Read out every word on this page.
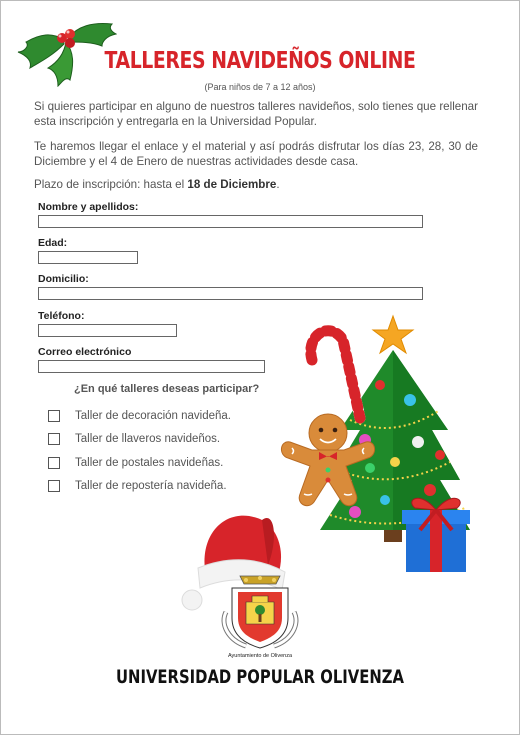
TALLERES NAVIDEÑOS ONLINE
(Para niños de 7 a 12 años)
Si quieres participar en alguno de nuestros talleres navideños, solo tienes que rellenar esta inscripción y entregarla en la Universidad Popular.
Te haremos llegar el enlace y el material y así podrás disfrutar los días 23, 28, 30 de Diciembre y el 4 de Enero de nuestras actividades desde casa.
Plazo de inscripción: hasta el 18 de Diciembre.
Nombre y apellidos:
Edad:
Domicilio:
Teléfono:
Correo electrónico
¿En qué talleres deseas participar?
Taller de decoración navideña.
Taller de llaveros navideños.
Taller de postales navideñas.
Taller de repostería navideña.
Ayuntamiento de Olivenza
UNIVERSIDAD POPULAR OLIVENZA
